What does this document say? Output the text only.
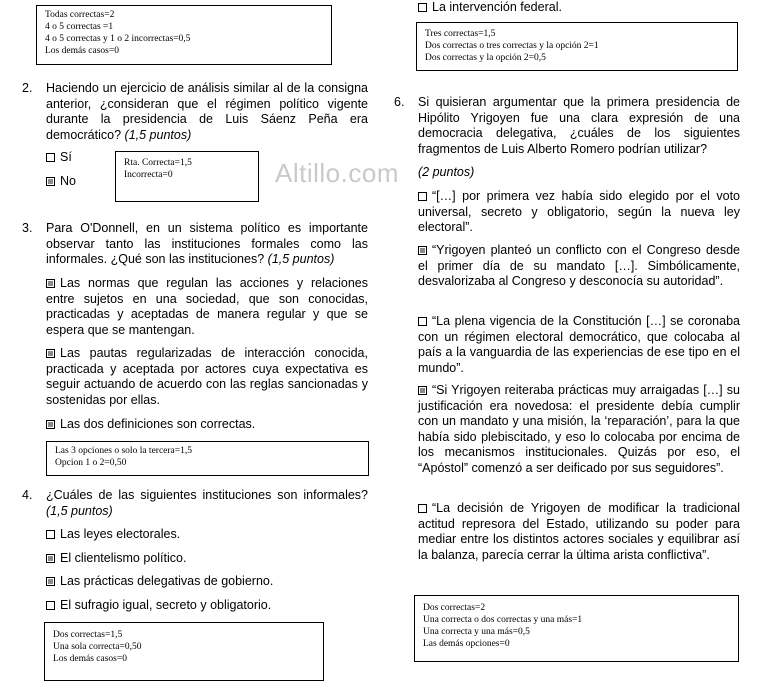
Altillo.com
Todas correctas=2
4 o 5 correctas =1
4 o 5 correctas y 1 o 2 incorrectas=0,5
Los demás casos=0
2. Haciendo un ejercicio de análisis similar al de la consigna anterior, ¿consideran que el régimen político vigente durante la presidencia de Luis Sáenz Peña era democrático? (1,5 puntos)
Sí
No
Rta. Correcta=1,5
Incorrecta=0
3. Para O'Donnell, en un sistema político es importante observar tanto las instituciones formales como las informales. ¿Qué son las instituciones? (1,5 puntos)
Las normas que regulan las acciones y relaciones entre sujetos en una sociedad, que son conocidas, practicadas y aceptadas de manera regular y que se espera que se mantengan.
Las pautas regularizadas de interacción conocida, practicada y aceptada por actores cuya expectativa es seguir actuando de acuerdo con las reglas sancionadas y sostenidas por ellas.
Las dos definiciones son correctas.
Las 3 opciones o solo la tercera=1,5
Opcion 1 o 2=0,50
4. ¿Cuáles de las siguientes instituciones son informales? (1,5 puntos)
Las leyes electorales.
El clientelismo político.
Las prácticas delegativas de gobierno.
El sufragio igual, secreto y obligatorio.
Dos correctas=1,5
Una sola correcta=0,50
Los demás casos=0
La intervención federal.
Tres correctas=1,5
Dos correctas o tres correctas y la opción 2=1
Dos correctas y la opción 2=0,5
6. Si quisieran argumentar que la primera presidencia de Hipólito Yrigoyen fue una clara expresión de una democracia delegativa, ¿cuáles de los siguientes fragmentos de Luis Alberto Romero podrían utilizar?
(2 puntos)
“[…] por primera vez había sido elegido por el voto universal, secreto y obligatorio, según la nueva ley electoral”.
“Yrigoyen planteó un conflicto con el Congreso desde el primer día de su mandato […]. Simbólicamente, desvalorizaba al Congreso y desconocía su autoridad”.
“La plena vigencia de la Constitución […] se coronaba con un régimen electoral democrático, que colocaba al país a la vanguardia de las experiencias de ese tipo en el mundo”.
“Si Yrigoyen reiteraba prácticas muy arraigadas […] su justificación era novedosa: el presidente debía cumplir con un mandato y una misión, la ‘reparación’, para la que había sido plebiscitado, y eso lo colocaba por encima de los mecanismos institucionales. Quizás por eso, el “Apóstol” comenzó a ser deificado por sus seguidores”.
“La decisión de Yrigoyen de modificar la tradicional actitud represora del Estado, utilizando su poder para mediar entre los distintos actores sociales y equilibrar así la balanza, parecía cerrar la última arista conflictiva”.
Dos correctas=2
Una correcta o dos correctas y una más=1
Una correcta y una más=0,5
Las demás opciones=0
